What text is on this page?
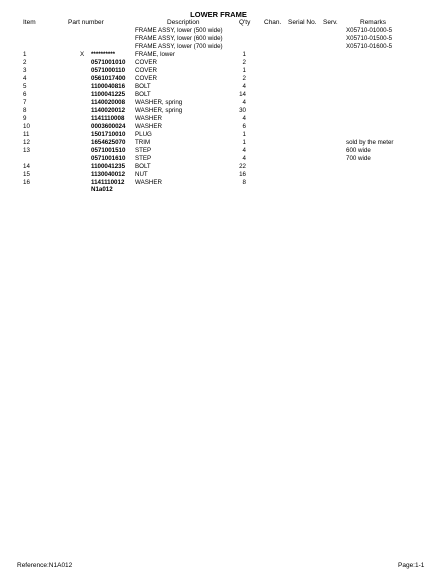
LOWER FRAME
Item	Part number	Description	Q'ty Chan. Serial No. Serv.	Remarks
FRAME ASSY, lower (500 wide)	X05710-01000-5
FRAME ASSY, lower (600 wide)	X05710-01500-5
FRAME ASSY, lower (700 wide)	X05710-01600-5
1	X **********	FRAME, lower	1
2	0571001010 COVER	2
3	0571000110 COVER	1
4	0561017400 COVER	2
5	1100040816 BOLT	4
6	1100041225 BOLT	14
7	1140020008 WASHER, spring	4
8	1140020012 WASHER, spring	30
9	1141110008 WASHER	4
10	0003600024 WASHER	6
11	1501710010 PLUG	1
12	1654625070 TRIM	1	sold by the meter
13	0571001510 STEP	4	600 wide
0571001610 STEP	4	700 wide
14	1100041235 BOLT	22
15	1130040012 NUT	16
16	1141110012 WASHER	8
N1a012
Reference:N1A012	Page:1-1
